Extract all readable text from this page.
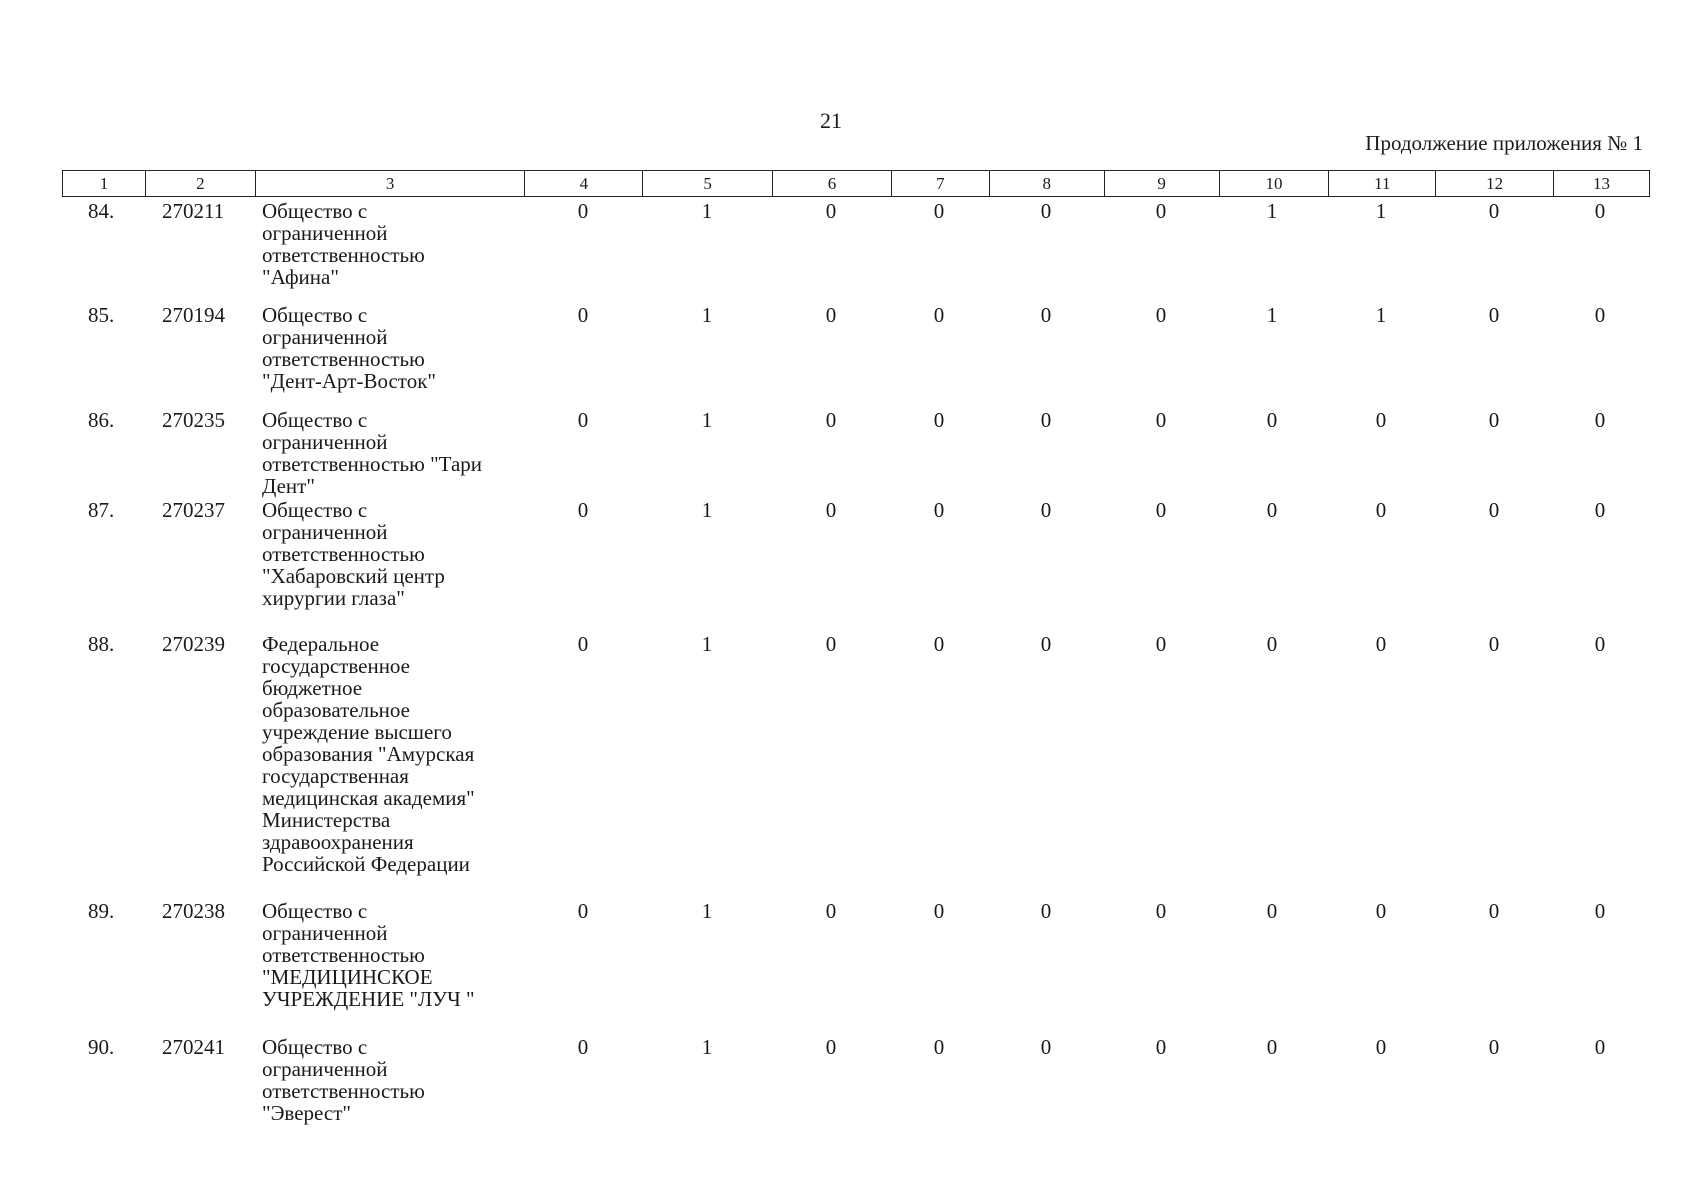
21
Продолжение приложения № 1
1	2	3	4	5	6	7	8	9	10	11	12	13
84.	270211	Общество с
ограниченной
ответственностью
"Афина"
0	1	0	0	0	0	1	1	0	0
85.	270194	Общество с
ограниченной
ответственностью
"Дент-Арт-Восток"
0	1	0	0	0	0	1	1	0	0
86.	270235	Общество с
ограниченной
ответственностью "Тари
Дент"
0	1	0	0	0	0	0	0	0	0
87.	270237	Общество с
ограниченной
ответственностью
"Хабаровский центр
хирургии глаза"
0	1	0	0	0	0	0	0	0	0
88.	270239	Федеральное
государственное
бюджетное
образовательное
учреждение высшего
образования "Амурская
государственная
медицинская академия"
Министерства
здравоохранения
Российской Федерации
0	1	0	0	0	0	0	0	0	0
89.	270238	Общество с
ограниченной
ответственностью
"МЕДИЦИНСКОЕ
УЧРЕЖДЕНИЕ "ЛУЧ "
0	1	0	0	0	0	0	0	0	0
90.	270241	Общество с
ограниченной
ответственностью
"Эверест"
0	1	0	0	0	0	0	0	0	0
